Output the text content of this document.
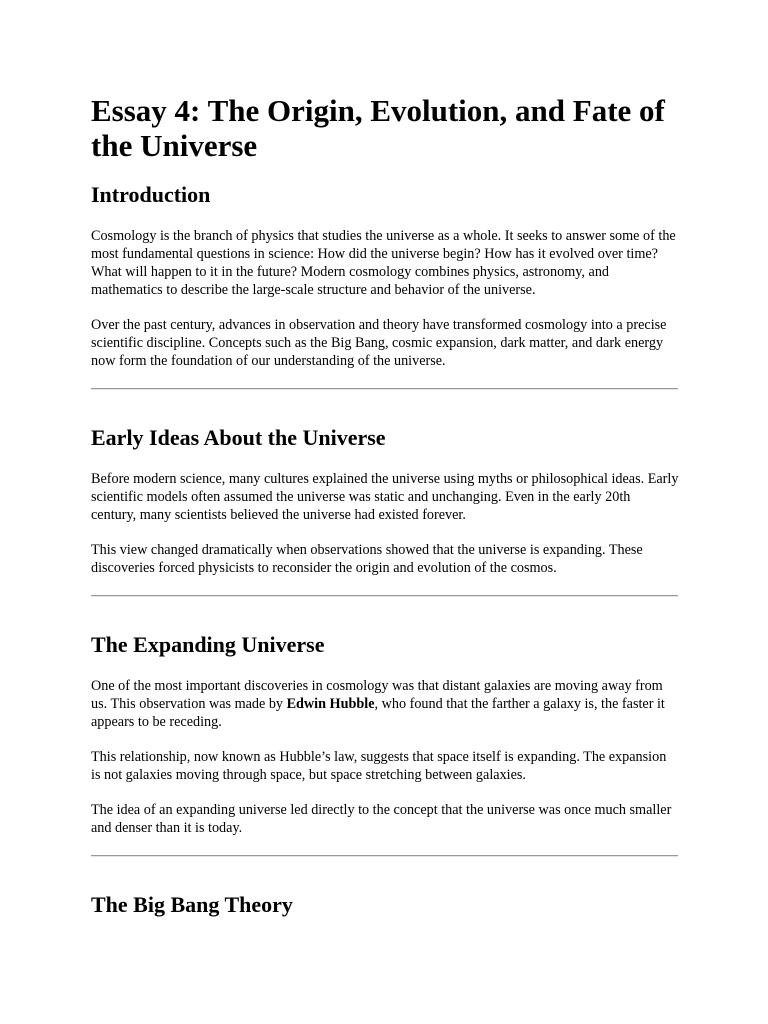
Essay 4: The Origin, Evolution, and Fate of the Universe
Introduction

Cosmology is the branch of physics that studies the universe as a whole. It seeks to answer some of the most fundamental questions in science: How did the universe begin? How has it evolved over time? What will happen to it in the future? Modern cosmology combines physics, astronomy, and mathematics to describe the large-scale structure and behavior of the universe.

Over the past century, advances in observation and theory have transformed cosmology into a precise scientific discipline. Concepts such as the Big Bang, cosmic expansion, dark matter, and dark energy now form the foundation of our understanding of the universe.

Early Ideas About the Universe

Before modern science, many cultures explained the universe using myths or philosophical ideas. Early scientific models often assumed the universe was static and unchanging. Even in the early 20th century, many scientists believed the universe had existed forever.

This view changed dramatically when observations showed that the universe is expanding. These discoveries forced physicists to reconsider the origin and evolution of the cosmos.

The Expanding Universe

One of the most important discoveries in cosmology was that distant galaxies are moving away from us. This observation was made by Edwin Hubble, who found that the farther a galaxy is, the faster it appears to be receding.

This relationship, now known as Hubble’s law, suggests that space itself is expanding. The expansion is not galaxies moving through space, but space stretching between galaxies.

The idea of an expanding universe led directly to the concept that the universe was once much smaller and denser than it is today.

The Big Bang Theory
